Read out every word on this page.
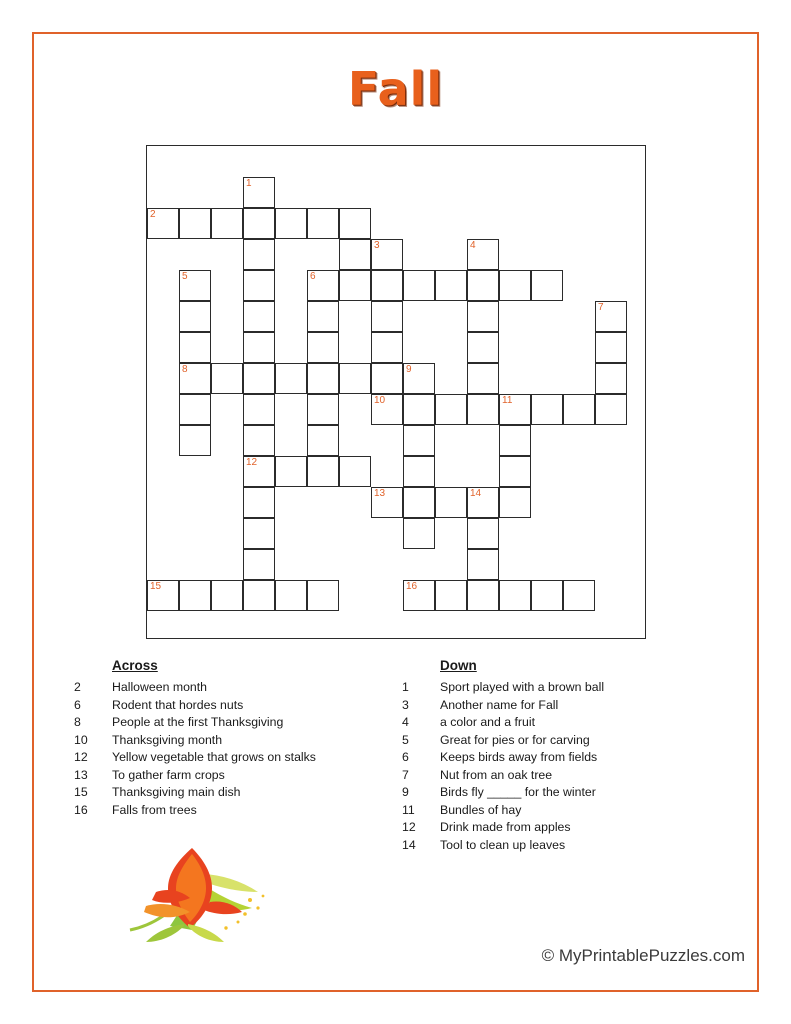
Fall
1
2
3	4
5	6
7
8	9
10	11
12
13	14
15	16
Across
2	Halloween month
6	Rodent that hordes nuts
8	People at the first Thanksgiving
10	Thanksgiving month
12	Yellow vegetable that grows on stalks
13	To gather farm crops
15	Thanksgiving main dish
16	Falls from trees
Down
1	Sport played with a brown ball
3	Another name for Fall
4	a color and a fruit
5	Great for pies or for carving
6	Keeps birds away from fields
7	Nut from an oak tree
9	Birds fly _____ for the winter
11	Bundles of hay
12	Drink made from apples
14	Tool to clean up leaves
© MyPrintablePuzzles.com
